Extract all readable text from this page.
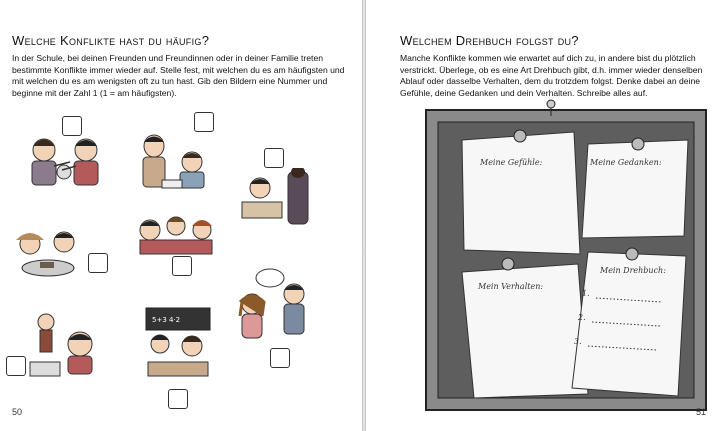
Welche Konflikte hast du häufig?
In der Schule, bei deinen Freunden und Freundinnen oder in deiner Familie treten bestimmte Konflikte immer wieder auf. Stelle fest, mit welchen du es am häufigsten und mit welchen du es am wenigsten oft zu tun hast. Gib den Bildern eine Nummer und beginne mit der Zahl 1 (1 = am häufigsten).
5+3 4·2
50
Welchem Drehbuch folgst du?
Manche Konflikte kommen wie erwartet auf dich zu, in andere bist du plötzlich verstrickt. Überlege, ob es eine Art Drehbuch gibt, d.h. immer wieder denselben Ablauf oder dasselbe Verhalten, dem du trotzdem folgst. Denke dabei an deine Gefühle, deine Gedanken und dein Verhalten. Schreibe alles auf.
Meine Gefühle:	Meine Gedanken:
Mein Verhalten:
Mein Drehbuch:
1.
2.
3.
51
